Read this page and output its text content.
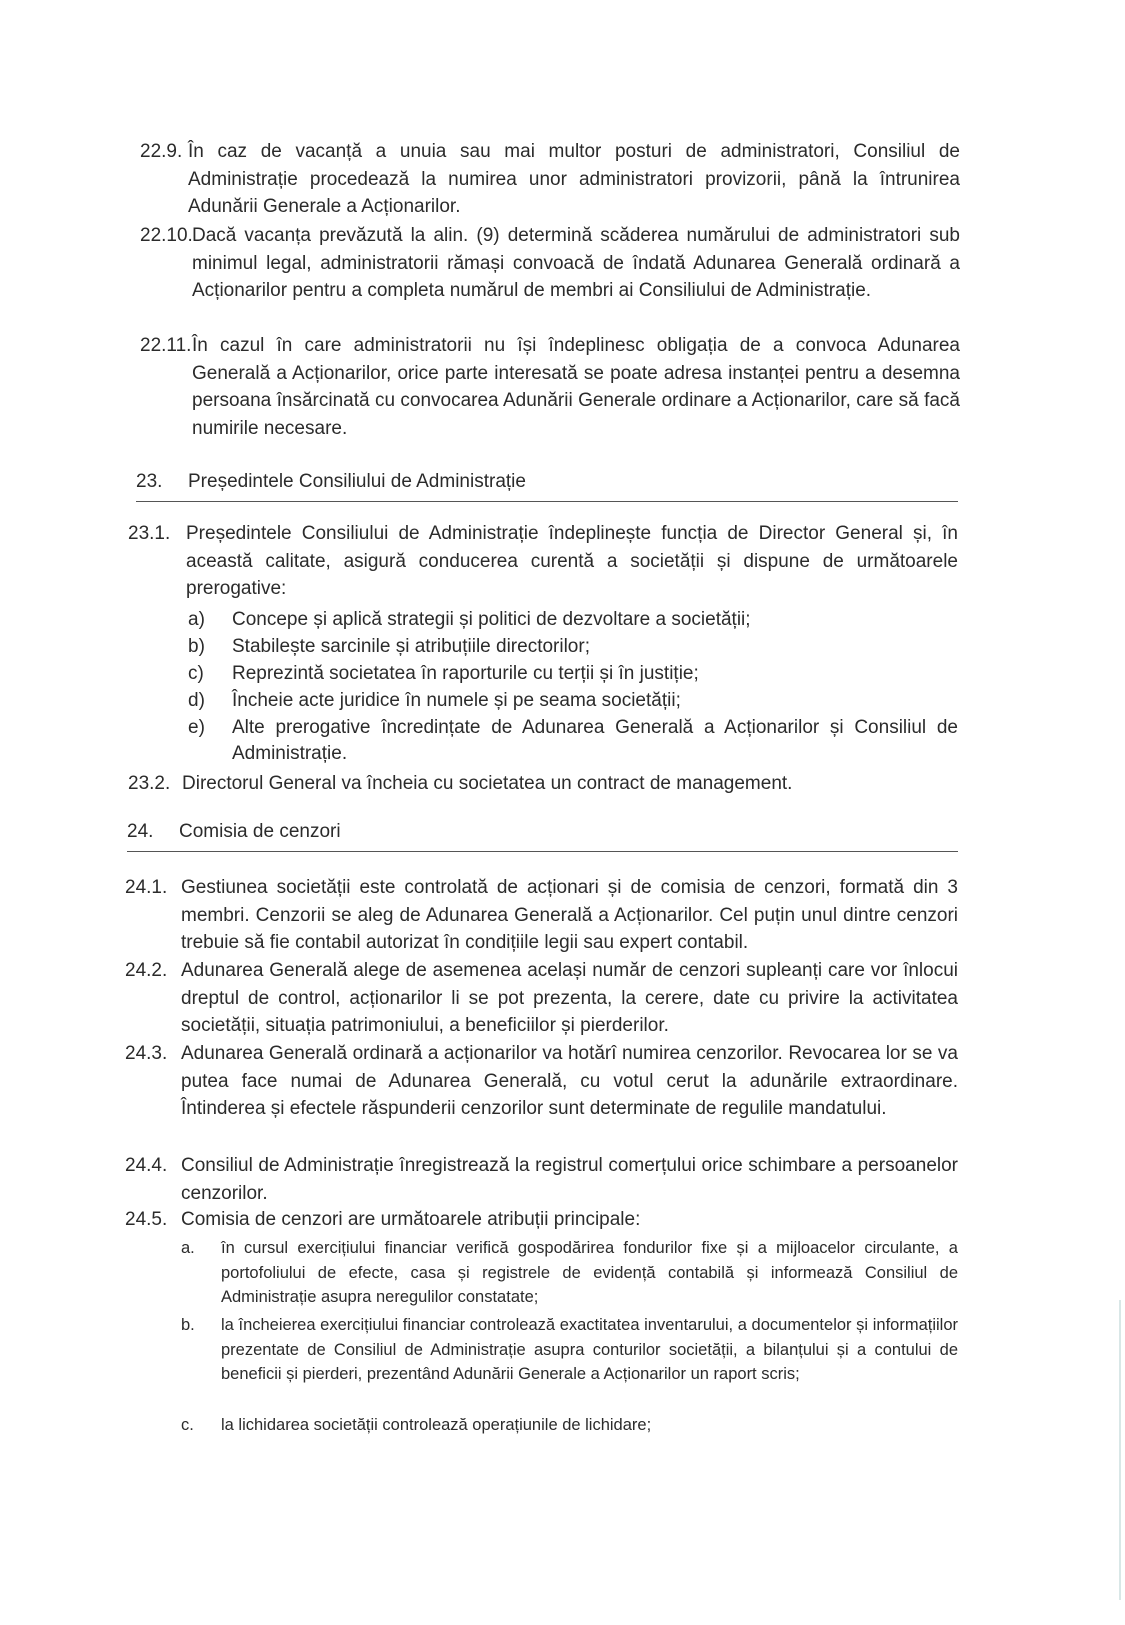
22.9. În caz de vacanță a unuia sau mai multor posturi de administratori, Consiliul de Administrație procedează la numirea unor administratori provizorii, până la întrunirea Adunării Generale a Acționarilor.
22.10. Dacă vacanța prevăzută la alin. (9) determină scăderea numărului de administratori sub minimul legal, administratorii rămași convoacă de îndată Adunarea Generală ordinară a Acționarilor pentru a completa numărul de membri ai Consiliului de Administrație.
22.11. În cazul în care administratorii nu își îndeplinesc obligația de a convoca Adunarea Generală a Acționarilor, orice parte interesată se poate adresa instanței pentru a desemna persoana însărcinată cu convocarea Adunării Generale ordinare a Acționarilor, care să facă numirile necesare.
23. Președintele Consiliului de Administrație
23.1. Președintele Consiliului de Administrație îndeplinește funcția de Director General și, în această calitate, asigură conducerea curentă a societății și dispune de următoarele prerogative:
a)	Concepe și aplică strategii și politici de dezvoltare a societății;
b)	Stabilește sarcinile și atribuțiile directorilor;
c)	Reprezintă societatea în raporturile cu terții și în justiție;
d)	Încheie acte juridice în numele și pe seama societății;
e)	Alte prerogative încredințate de Adunarea Generală a Acționarilor și Consiliul de Administrație.
23.2. Directorul General va încheia cu societatea un contract de management.
24. Comisia de cenzori
24.1. Gestiunea societății este controlată de acționari și de comisia de cenzori, formată din 3 membri. Cenzorii se aleg de Adunarea Generală a Acționarilor. Cel puțin unul dintre cenzori trebuie să fie contabil autorizat în condițiile legii sau expert contabil.
24.2. Adunarea Generală alege de asemenea același număr de cenzori supleanți care vor înlocui dreptul de control, acționarilor li se pot prezenta, la cerere, date cu privire la activitatea societății, situația patrimoniului, a beneficiilor și pierderilor.
24.3. Adunarea Generală ordinară a acționarilor va hotărî numirea cenzorilor. Revocarea lor se va putea face numai de Adunarea Generală, cu votul cerut la adunările extraordinare. Întinderea și efectele răspunderii cenzorilor sunt determinate de regulile mandatului.
24.4. Consiliul de Administrație înregistrează la registrul comerțului orice schimbare a persoanelor cenzorilor.
24.5. Comisia de cenzori are următoarele atribuții principale:
a.	în cursul exercițiului financiar verifică gospodărirea fondurilor fixe și a mijloacelor circulante, a portofoliului de efecte, casa și registrele de evidență contabilă și informează Consiliul de Administrație asupra neregulilor constatate;
b.	la încheierea exercițiului financiar controlează exactitatea inventarului, a documentelor și informațiilor prezentate de Consiliul de Administrație asupra conturilor societății, a bilanțului și a contului de beneficii și pierderi, prezentând Adunării Generale a Acționarilor un raport scris;
c.	la lichidarea societății controlează operațiunile de lichidare;
